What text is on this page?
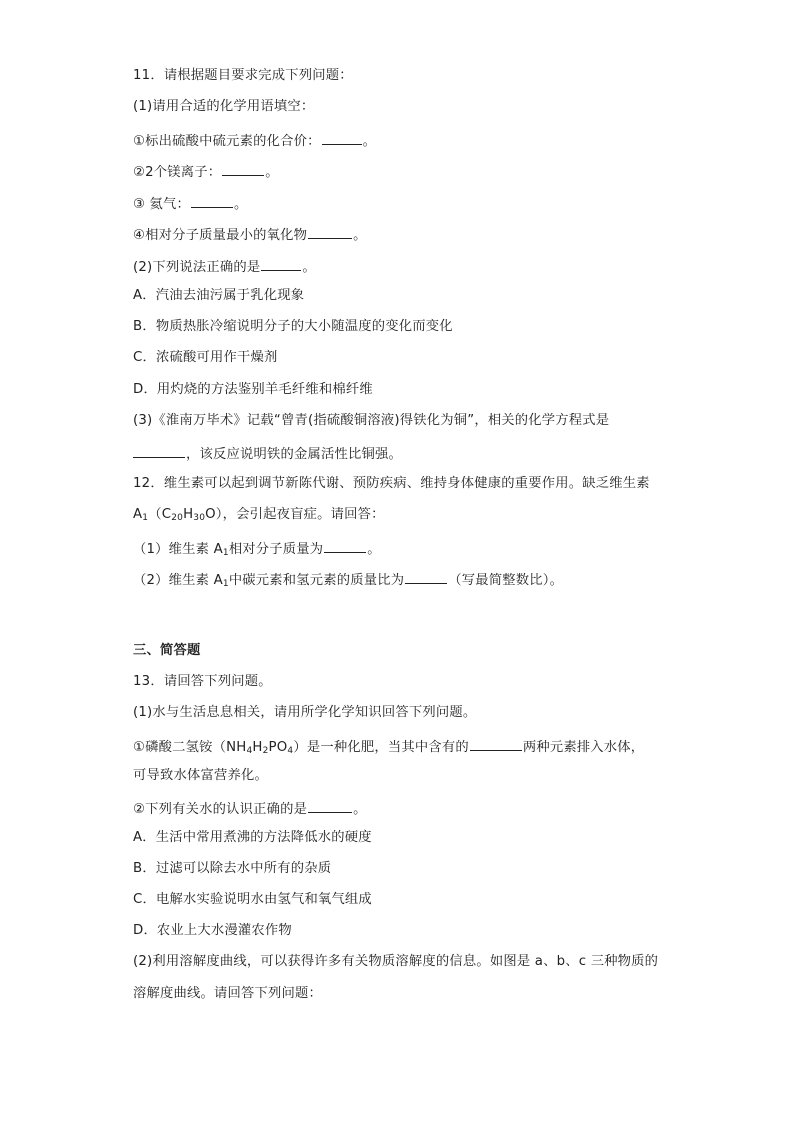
11．请根据题目要求完成下列问题：
(1)请用合适的化学用语填空：
①标出硫酸中硫元素的化合价：	。
②2个镁离子：	。
③ 氦气：	。
④相对分子质量最小的氧化物	。
(2)下列说法正确的是	。
A．汽油去油污属于乳化现象
B．物质热胀冷缩说明分子的大小随温度的变化而变化
C．浓硫酸可用作干燥剂
D．用灼烧的方法鉴别羊毛纤维和棉纤维
(3)《淮南万毕术》记载“曾青(指硫酸铜溶液)得铁化为铜”，相关的化学方程式是
，该反应说明铁的金属活性比铜强。
12．维生素可以起到调节新陈代谢、预防疾病、维持身体健康的重要作用。缺乏维生素
$A_1(C_{20}H_{30}O)$，会引起夜盲症。请回答：
（1）维生素 $A_1$相对分子质量为	。
（2）维生素 $A_1$中碳元素和氢元素的质量比为	（写最简整数比）。
三、简答题
13．请回答下列问题。
(1)水与生活息息相关，请用所学化学知识回答下列问题。
①磷酸二氢铵$(NH_4H_2PO_4)$是一种化肥，当其中含有的	两种元素排入水体，
可导致水体富营养化。
②下列有关水的认识正确的是	。
A．生活中常用煮沸的方法降低水的硬度
B．过滤可以除去水中所有的杂质
C．电解水实验说明水由氢气和氧气组成
D．农业上大水漫灌农作物
(2)利用溶解度曲线，可以获得许多有关物质溶解度的信息。如图是 a、b、c 三种物质的
溶解度曲线。请回答下列问题：
